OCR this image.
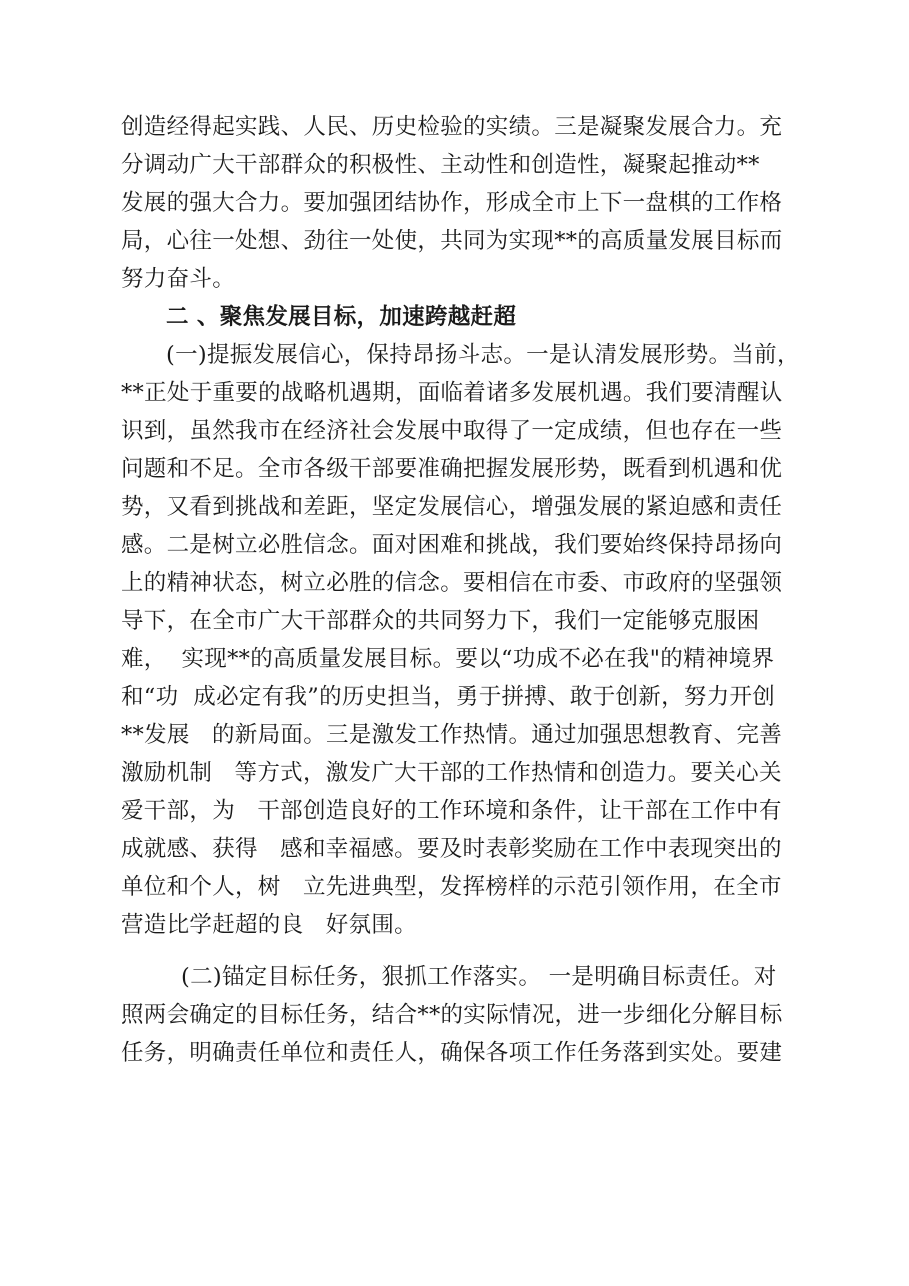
创造经得起实践、人民、历史检验的实绩。三是凝聚发展合力。充
分调动广大干部群众的积极性、主动性和创造性，凝聚起推动**
发展的强大合力。要加强团结协作，形成全市上下一盘棋的工作格
局，心往一处想、劲往一处使，共同为实现**的高质量发展目标而
努力奋斗。
二 、聚焦发展目标，加速跨越赶超
(一)提振发展信心，保持昂扬斗志。一是认清发展形势。当前，
**正处于重要的战略机遇期，面临着诸多发展机遇。我们要清醒认
识到，虽然我市在经济社会发展中取得了一定成绩，但也存在一些
问题和不足。全市各级干部要准确把握发展形势，既看到机遇和优
势，又看到挑战和差距，坚定发展信心，增强发展的紧迫感和责任
感。二是树立必胜信念。面对困难和挑战，我们要始终保持昂扬向
上的精神状态，树立必胜的信念。要相信在市委、市政府的坚强领
导下，在全市广大干部群众的共同努力下，我们一定能够克服困
难，  实现**的高质量发展目标。要以“功成不必在我"的精神境界
和“功  成必定有我”的历史担当，勇于拼搏、敢于创新，努力开创
**发展   的新局面。三是激发工作热情。通过加强思想教育、完善
激励机制   等方式，激发广大干部的工作热情和创造力。要关心关
爱干部，为   干部创造良好的工作环境和条件，让干部在工作中有
成就感、获得   感和幸福感。要及时表彰奖励在工作中表现突出的
单位和个人，树   立先进典型，发挥榜样的示范引领作用，在全市
营造比学赶超的良   好氛围。
(二)锚定目标任务，狠抓工作落实。 一是明确目标责任。对
照两会确定的目标任务，结合**的实际情况，进一步细化分解目标
任务，明确责任单位和责任人，确保各项工作任务落到实处。要建
